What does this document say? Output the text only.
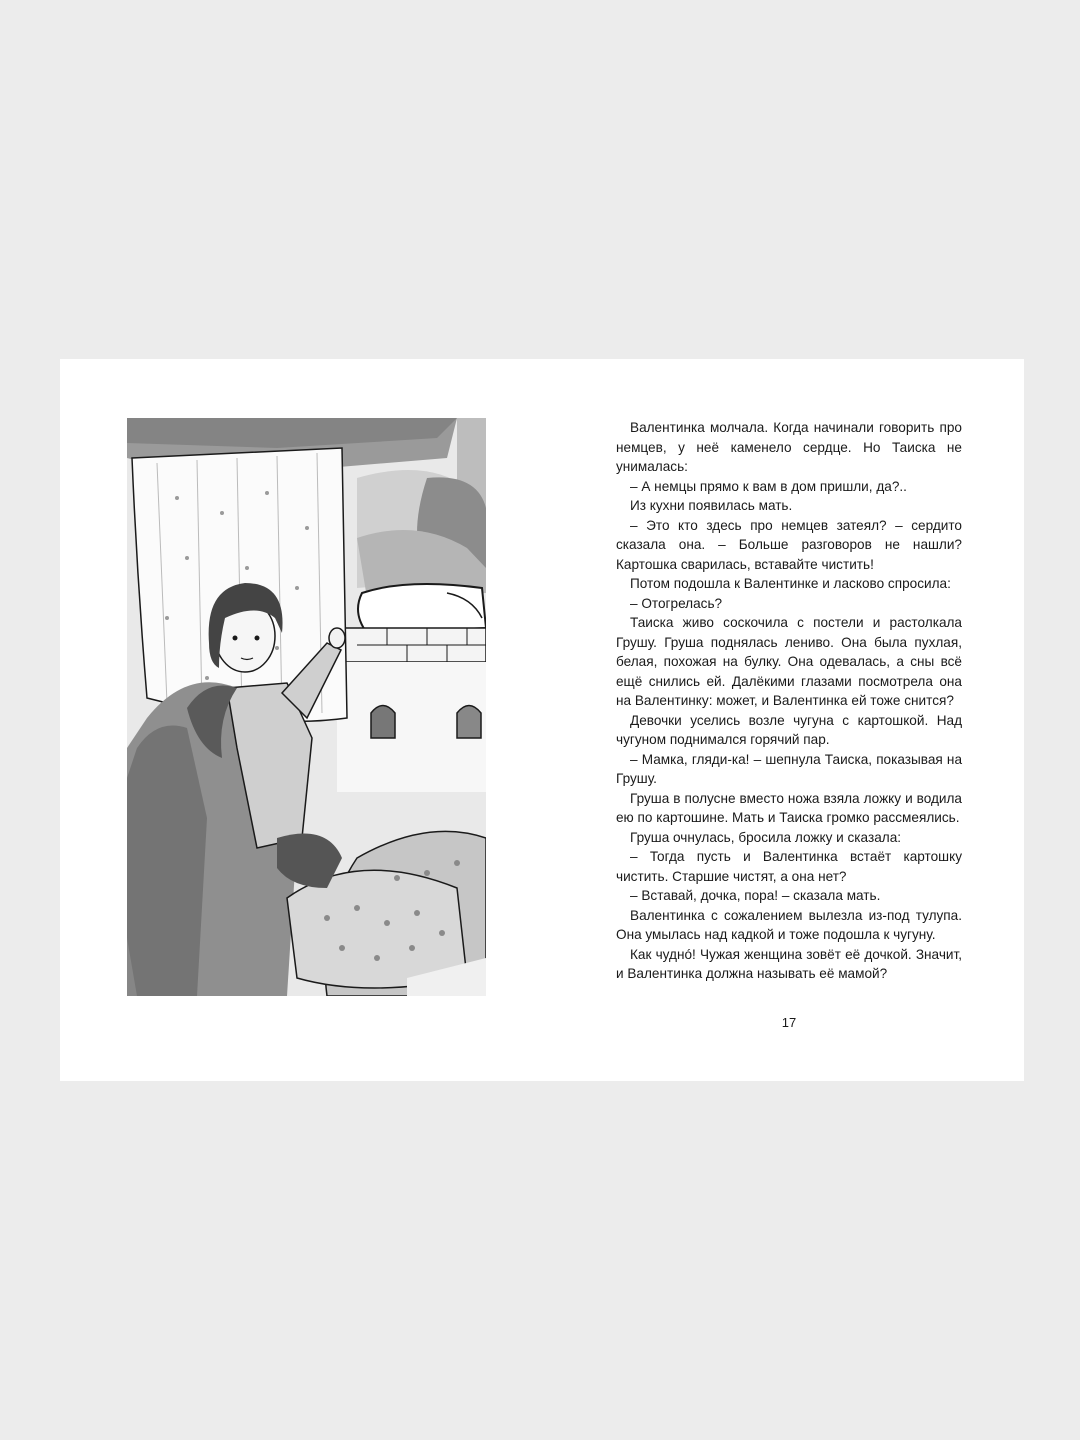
Валентинка молчала. Когда начинали говорить про немцев, у неё каменело сердце. Но Таиска не унималась:

– А немцы прямо к вам в дом пришли, да?..

Из кухни появилась мать.

– Это кто здесь про немцев затеял? – сердито сказала она. – Больше разговоров не нашли? Картошка сварилась, вставайте чистить!

Потом подошла к Валентинке и ласково спросила:

– Отогрелась?

Таиска живо соскочила с постели и растолкала Грушу. Груша поднялась лениво. Она была пухлая, белая, похожая на булку. Она одевалась, а сны всё ещё снились ей. Далёкими глазами посмотрела она на Валентинку: может, и Валентинка ей тоже снится?

Девочки уселись возле чугуна с картошкой. Над чугуном поднимался горячий пар.

– Мамка, гляди-ка! – шепнула Таиска, показывая на Грушу.

Груша в полусне вместо ножа взяла ложку и водила ею по картошине. Мать и Таиска громко рассмеялись.

Груша очнулась, бросила ложку и сказала:

– Тогда пусть и Валентинка встаёт картошку чистить. Старшие чистят, а она нет?

– Вставай, дочка, пора! – сказала мать.

Валентинка с сожалением вылезла из-под тулупа. Она умылась над кадкой и тоже подошла к чугуну.

Как чуднó! Чужая женщина зовёт её дочкой. Значит, и Валентинка должна называть её мамой?

17
